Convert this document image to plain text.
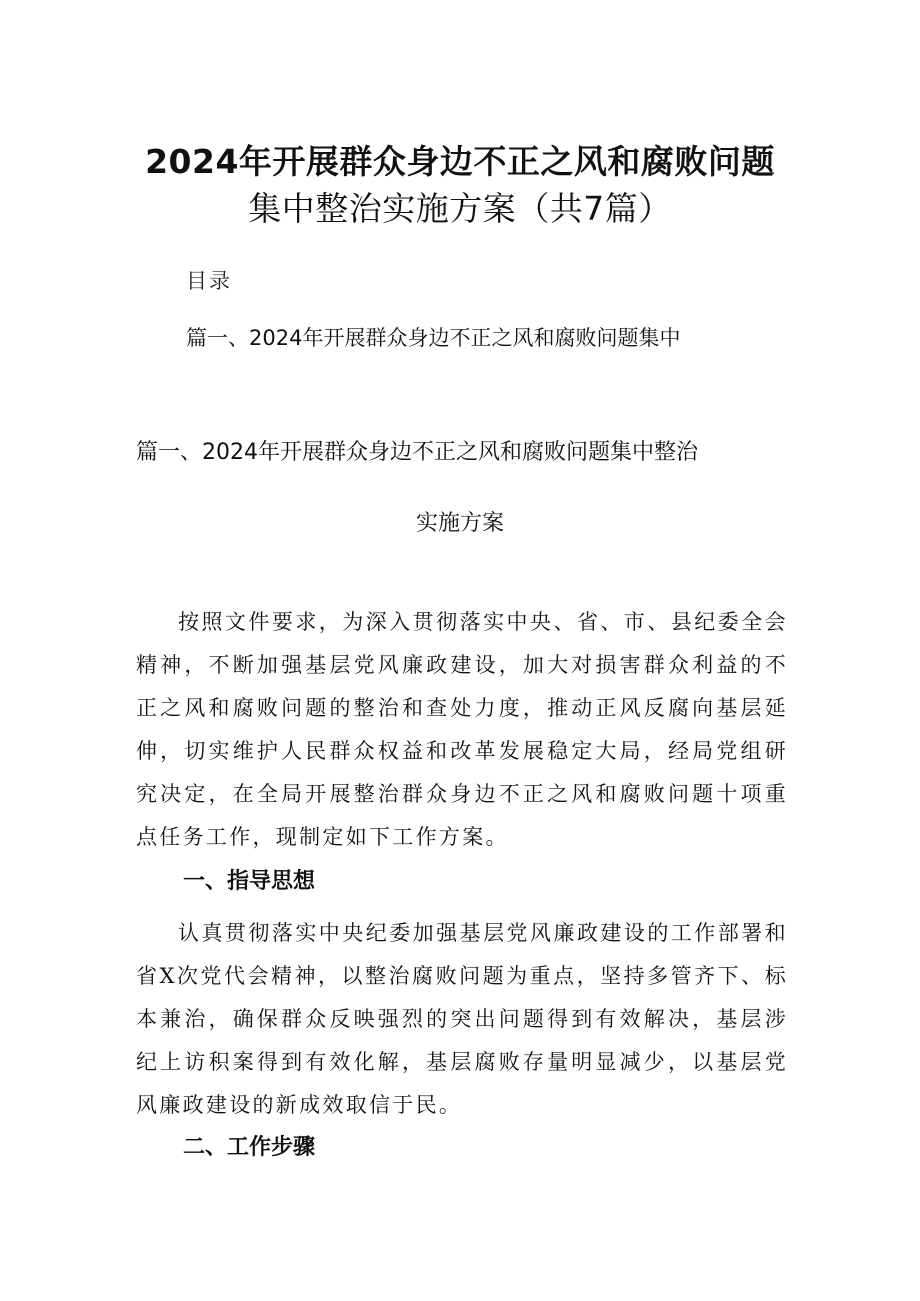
2024年开展群众身边不正之风和腐败问题
集中整治实施方案（共7篇）
目录
篇一、2024年开展群众身边不正之风和腐败问题集中
篇一、2024年开展群众身边不正之风和腐败问题集中整治
实施方案

按照文件要求，为深入贯彻落实中央、省、市、县纪委全会精神，不断加强基层党风廉政建设，加大对损害群众利益的不正之风和腐败问题的整治和查处力度，推动正风反腐向基层延伸，切实维护人民群众权益和改革发展稳定大局，经局党组研究决定，在全局开展整治群众身边不正之风和腐败问题十项重点任务工作，现制定如下工作方案。

一、指导思想

认真贯彻落实中央纪委加强基层党风廉政建设的工作部署和省X次党代会精神，以整治腐败问题为重点，坚持多管齐下、标本兼治，确保群众反映强烈的突出问题得到有效解决，基层涉纪上访积案得到有效化解，基层腐败存量明显减少，以基层党风廉政建设的新成效取信于民。

二、工作步骤
